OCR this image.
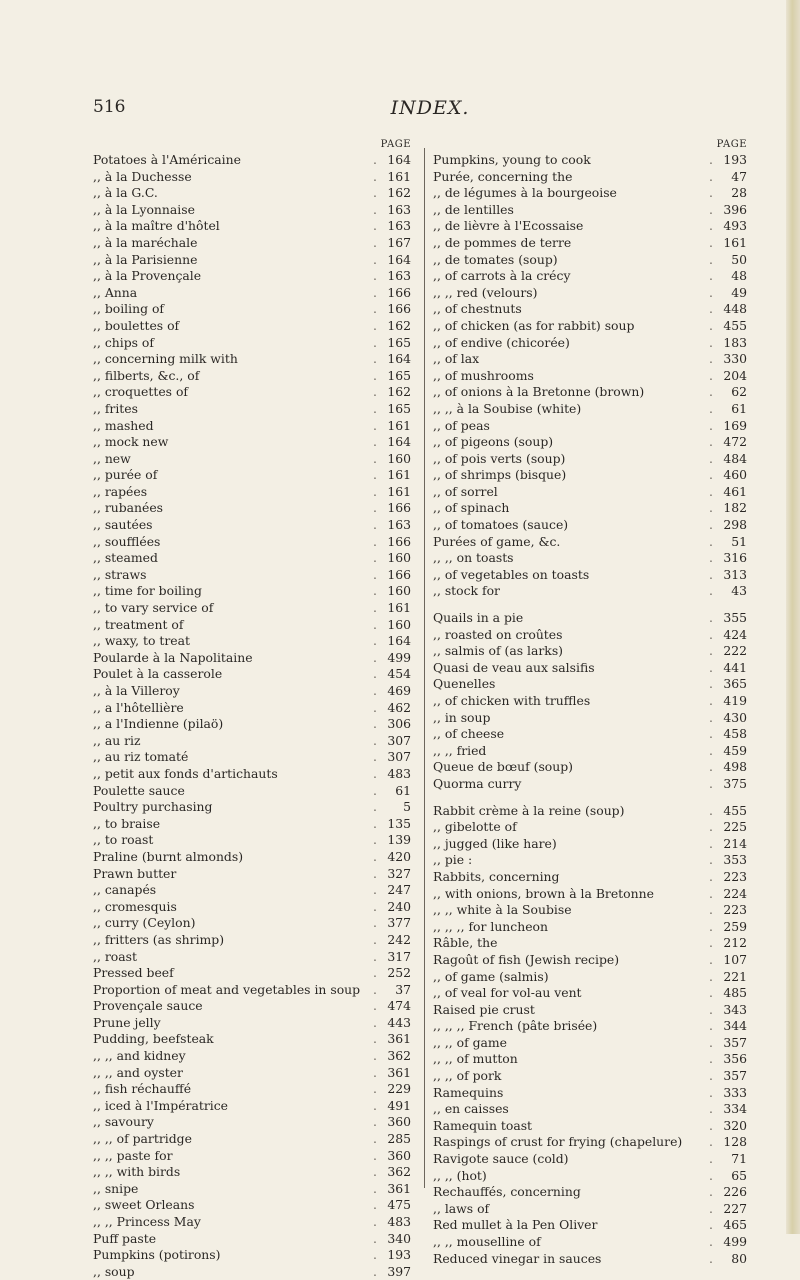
516	INDEX.
PAGE
Potatoes à l'Américaine	. 164
,, à la Duchesse	. 161
,, à la G.C.	. 162
,, à la Lyonnaise	. 163
,, à la maître d'hôtel	. 163
,, à la maréchale	. 167
,, à la Parisienne	. 164
,, à la Provençale	. 163
,, Anna	. 166
,, boiling of	. 166
,, boulettes of	. 162
,, chips of	. 165
,, concerning milk with	. 164
,, filberts, &c., of	. 165
,, croquettes of	. 162
,, frites	. 165
,, mashed	. 161
,, mock new	. 164
,, new	. 160
,, purée of	. 161
,, rapées	. 161
,, rubanées	. 166
,, sautées	. 163
,, soufflées	. 166
,, steamed	. 160
,, straws	. 166
,, time for boiling	. 160
,, to vary service of	. 161
,, treatment of	. 160
,, waxy, to treat	. 164
Poularde à la Napolitaine	. 499
Poulet à la casserole	. 454
,, à la Villeroy	. 469
,, a l'hôtellière	. 462
,, a l'Indienne (pilaö)	. 306
,, au riz	. 307
,, au riz tomaté	. 307
,, petit aux fonds d'artichauts	. 483
Poulette sauce	.	61
Poultry purchasing	.	5
,, to braise	. 135
,, to roast	. 139
Praline (burnt almonds)	. 420
Prawn butter	. 327
,, canapés	. 247
,, cromesquis	. 240
,, curry (Ceylon)	. 377
,, fritters (as shrimp)	. 242
,, roast	. 317
Pressed beef	. 252
Proportion of meat and vegetables in soup	.	37
Provençale sauce	. 474
Prune jelly	. 443
Pudding, beefsteak	. 361
,, ,, and kidney	. 362
,, ,, and oyster	. 361
,, fish réchauffé	. 229
,, iced à l'Impératrice	. 491
,, savoury	. 360
,, ,, of partridge	. 285
,, ,, paste for	. 360
,, ,, with birds	. 362
,, snipe	. 361
,, sweet Orleans	. 475
,, ,, Princess May	. 483
Puff paste	. 340
Pumpkins (potirons)	. 193
,, soup	. 397
PAGE
Pumpkins, young to cook	. 193
Purée, concerning the	.	47
,, de légumes à la bourgeoise	.	28
,, de lentilles	. 396
,, de lièvre à l'Ecossaise	. 493
,, de pommes de terre	. 161
,, de tomates (soup)	.	50
,, of carrots à la crécy	.	48
,, ,, red (velours)	.	49
,, of chestnuts	. 448
,, of chicken (as for rabbit) soup	. 455
,, of endive (chicorée)	. 183
,, of lax	. 330
,, of mushrooms	. 204
,, of onions à la Bretonne (brown)	.	62
,, ,, à la Soubise (white)	.	61
,, of peas	. 169
,, of pigeons (soup)	. 472
,, of pois verts (soup)	. 484
,, of shrimps (bisque)	. 460
,, of sorrel	. 461
,, of spinach	. 182
,, of tomatoes (sauce)	. 298
Purées of game, &c.	.	51
,, ,, on toasts	. 316
,, of vegetables on toasts	. 313
,, stock for	.	43
Quails in a pie	. 355
,, roasted on croûtes	. 424
,, salmis of (as larks)	. 222
Quasi de veau aux salsifis	. 441
Quenelles	. 365
,, of chicken with truffles	. 419
,, in soup	. 430
,, of cheese	. 458
,, ,, fried	. 459
Queue de bœuf (soup)	. 498
Quorma curry	. 375
Rabbit crème à la reine (soup)	. 455
,, gibelotte of	. 225
,, jugged (like hare)	. 214
,, pie :	. 353
Rabbits, concerning	. 223
,, with onions, brown à la Bretonne	. 224
,, ,, white à la Soubise	. 223
,, ,, ,, for luncheon	. 259
Râble, the	. 212
Ragoût of fish (Jewish recipe)	. 107
,, of game (salmis)	. 221
,, of veal for vol-au vent	. 485
Raised pie crust	. 343
,, ,, ,, French (pâte brisée)	. 344
,, ,, of game	. 357
,, ,, of mutton	. 356
,, ,, of pork	. 357
Ramequins	. 333
,, en caisses	. 334
Ramequin toast	. 320
Raspings of crust for frying (chapelure)	. 128
Ravigote sauce (cold)	.	71
,, ,, (hot)	.	65
Rechauffés, concerning	. 226
,, laws of	. 227
Red mullet à la Pen Oliver	. 465
,, ,, mouselline of	. 499
Reduced vinegar in sauces	.	80
